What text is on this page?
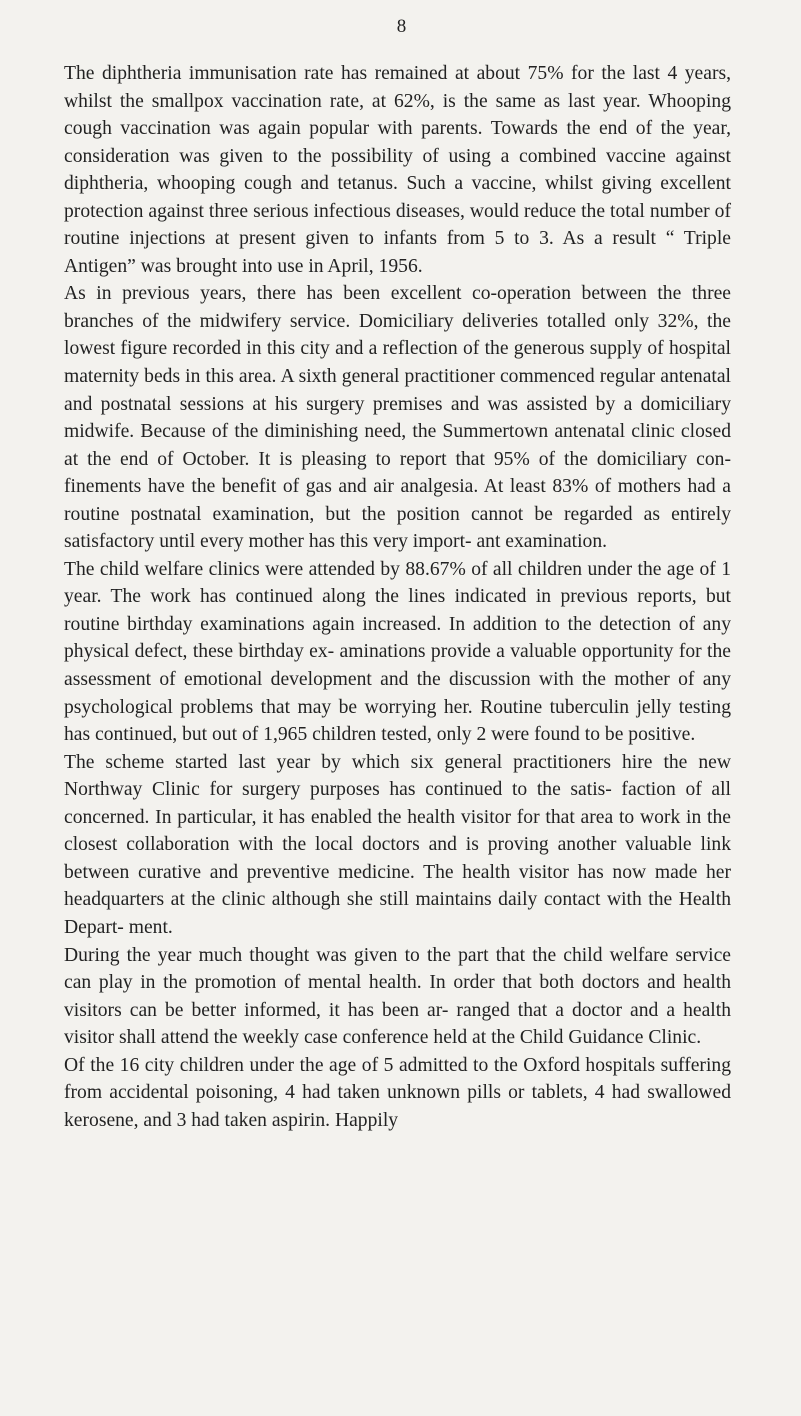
8

The diphtheria immunisation rate has remained at about 75% for the last 4 years, whilst the smallpox vaccination rate, at 62%, is the same as last year. Whooping cough vaccination was again popular with parents. Towards the end of the year, consideration was given to the possibility of using a combined vaccine against diphtheria, whooping cough and tetanus. Such a vaccine, whilst giving excellent protection against three serious infectious diseases, would reduce the total number of routine injections at present given to infants from 5 to 3. As a result “ Triple Antigen” was brought into use in April, 1956.

As in previous years, there has been excellent co-operation between the three branches of the midwifery service. Domiciliary deliveries totalled only 32%, the lowest figure recorded in this city and a reflection of the generous supply of hospital maternity beds in this area. A sixth general practitioner commenced regular antenatal and postnatal sessions at his surgery premises and was assisted by a domiciliary midwife. Because of the diminishing need, the Summertown antenatal clinic closed at the end of October. It is pleasing to report that 95% of the domiciliary con- finements have the benefit of gas and air analgesia. At least 83% of mothers had a routine postnatal examination, but the position cannot be regarded as entirely satisfactory until every mother has this very import- ant examination.

The child welfare clinics were attended by 88.67% of all children under the age of 1 year. The work has continued along the lines indicated in previous reports, but routine birthday examinations again increased. In addition to the detection of any physical defect, these birthday ex- aminations provide a valuable opportunity for the assessment of emotional development and the discussion with the mother of any psychological problems that may be worrying her. Routine tuberculin jelly testing has continued, but out of 1,965 children tested, only 2 were found to be positive.

The scheme started last year by which six general practitioners hire the new Northway Clinic for surgery purposes has continued to the satis- faction of all concerned. In particular, it has enabled the health visitor for that area to work in the closest collaboration with the local doctors and is proving another valuable link between curative and preventive medicine. The health visitor has now made her headquarters at the clinic although she still maintains daily contact with the Health Depart- ment.

During the year much thought was given to the part that the child welfare service can play in the promotion of mental health. In order that both doctors and health visitors can be better informed, it has been ar- ranged that a doctor and a health visitor shall attend the weekly case conference held at the Child Guidance Clinic.

Of the 16 city children under the age of 5 admitted to the Oxford hospitals suffering from accidental poisoning, 4 had taken unknown pills or tablets, 4 had swallowed kerosene, and 3 had taken aspirin. Happily
